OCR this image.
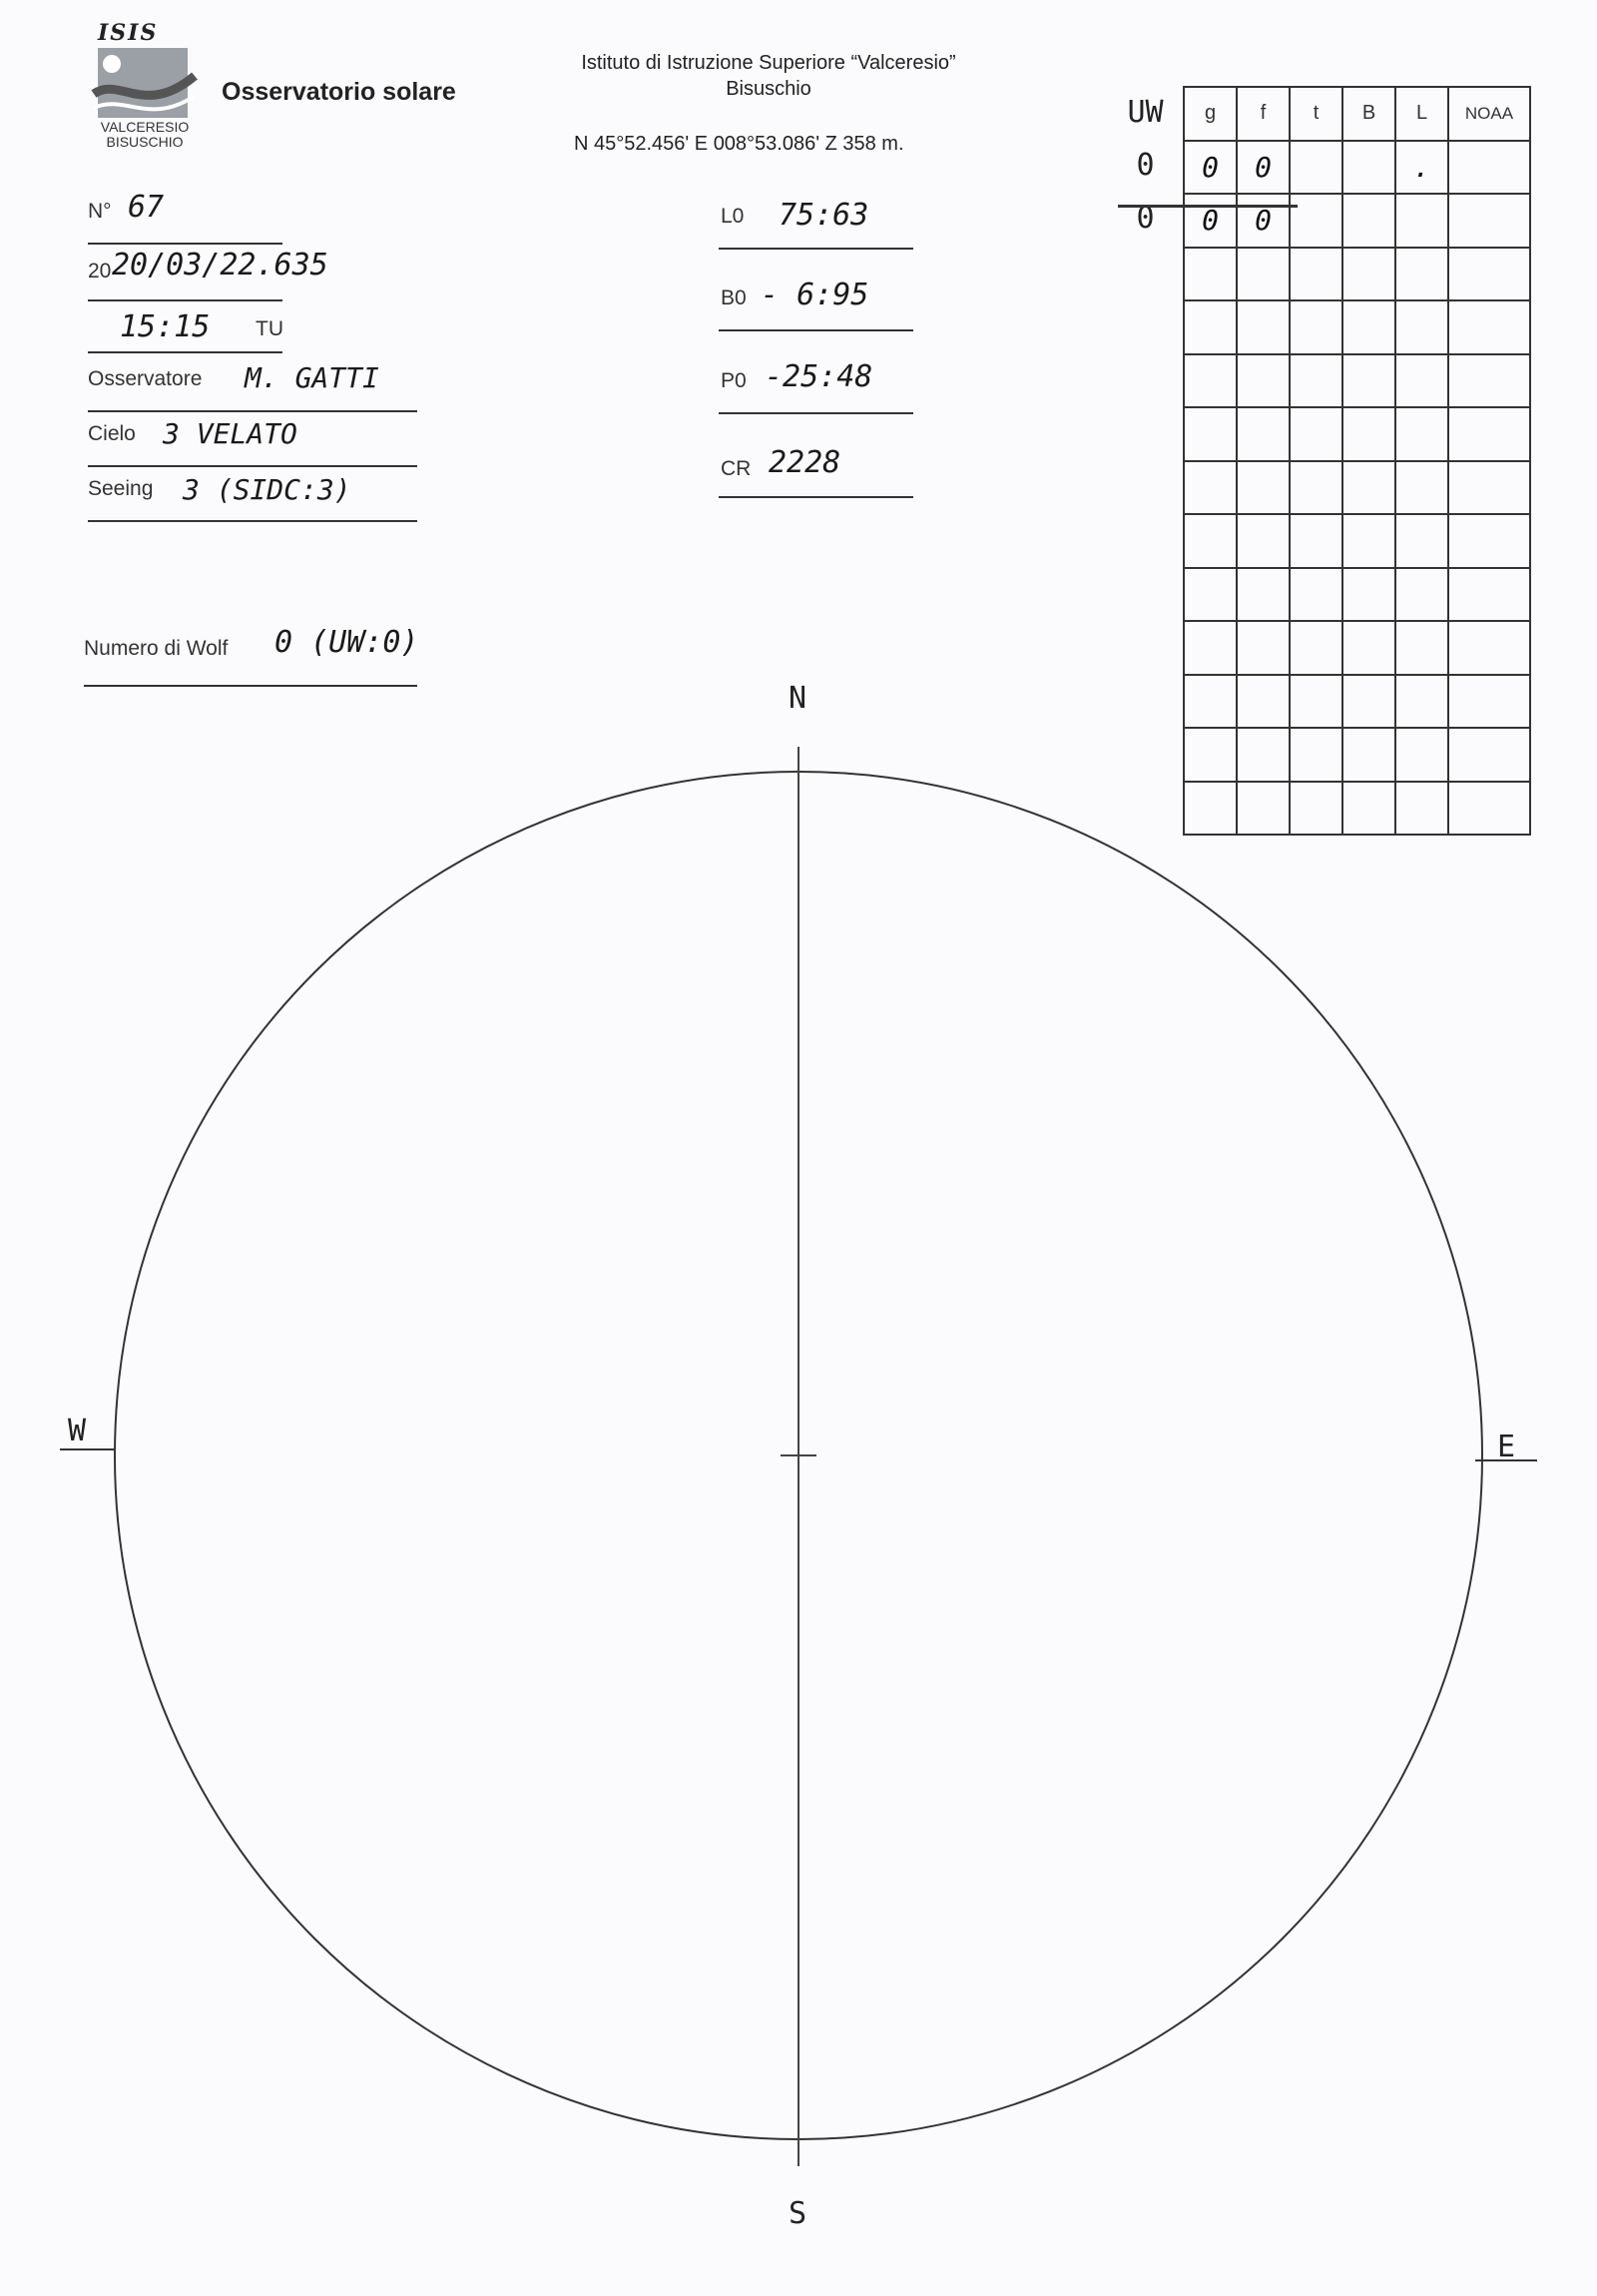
ISIS
VALCERESIO
BISUSCHIO
Osservatorio solare
Istituto di Istruzione Superiore “Valceresio”
Bisuschio
N 45°52.456' E 008°53.086' Z 358 m.
N° 67
20 20/03/22.635
15:15 TU
Osservatore M. GATTI
Cielo 3 VELATO
Seeing 3 (SIDC:3)
Numero di Wolf 0 (UW:0)
L0 75:63
B0 - 6:95
P0 -25:48
CR 2228
UW
0
0
g	f	t	B	L	NOAA
0	0			.	
0	0				

N
S
E
W
